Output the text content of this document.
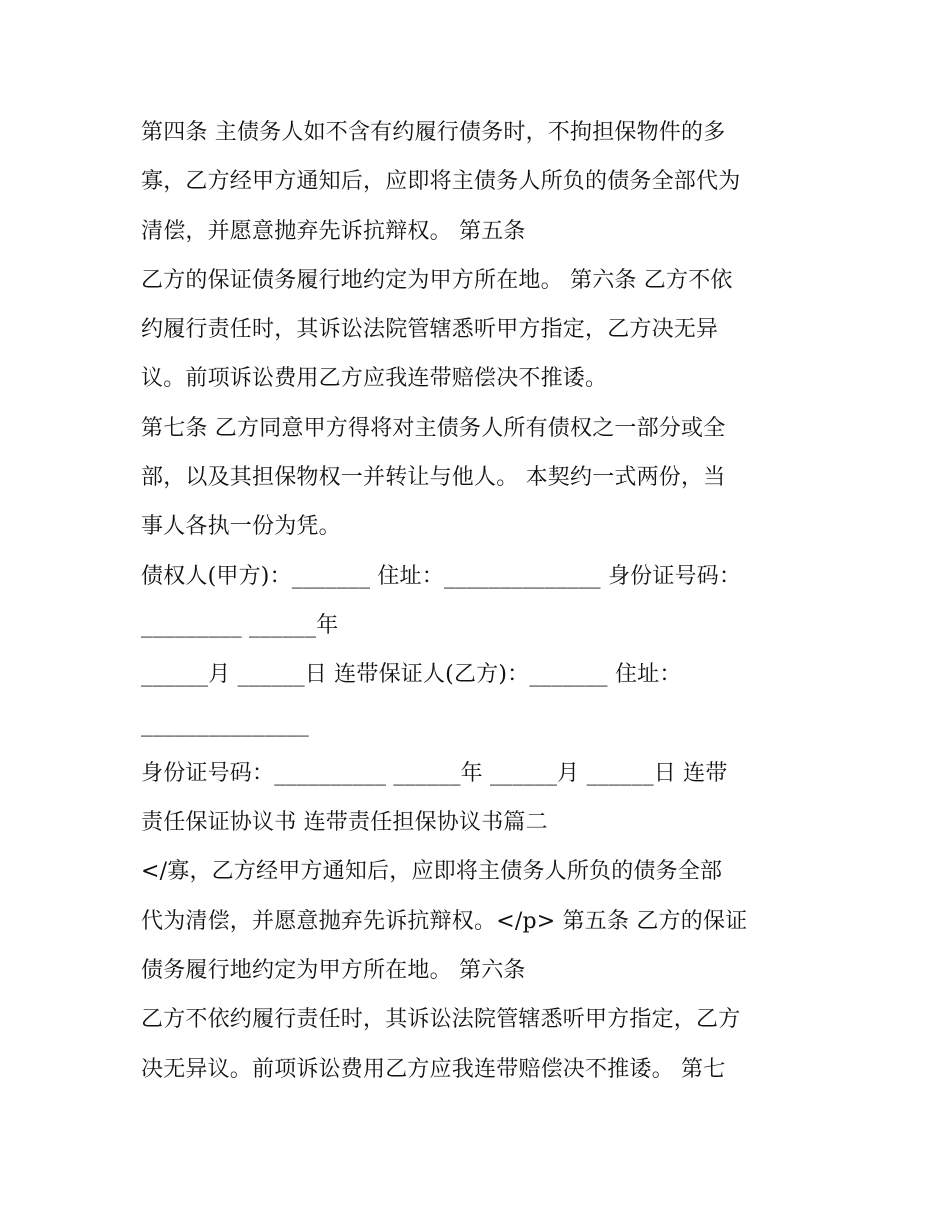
第四条 主债务人如不含有约履行债务时，不拘担保物件的多
寡，乙方经甲方通知后，应即将主债务人所负的债务全部代为
清偿，并愿意抛弃先诉抗辩权。 第五条
乙方的保证债务履行地约定为甲方所在地。 第六条 乙方不依
约履行责任时，其诉讼法院管辖悉听甲方指定，乙方决无异
议。前项诉讼费用乙方应我连带赔偿决不推诿。
第七条 乙方同意甲方得将对主债务人所有债权之一部分或全
部，以及其担保物权一并转让与他人。 本契约一式两份，当
事人各执一份为凭。
债权人(甲方)：_______ 住址：______________ 身份证号码：
_________ ______年
______月 ______日 连带保证人(乙方)：_______ 住址：
_______________
身份证号码：__________ ______年 ______月 ______日 连带
责任保证协议书 连带责任担保协议书篇二
</寡，乙方经甲方通知后，应即将主债务人所负的债务全部
代为清偿，并愿意抛弃先诉抗辩权。</p> 第五条 乙方的保证
债务履行地约定为甲方所在地。 第六条
乙方不依约履行责任时，其诉讼法院管辖悉听甲方指定，乙方
决无异议。前项诉讼费用乙方应我连带赔偿决不推诿。 第七
